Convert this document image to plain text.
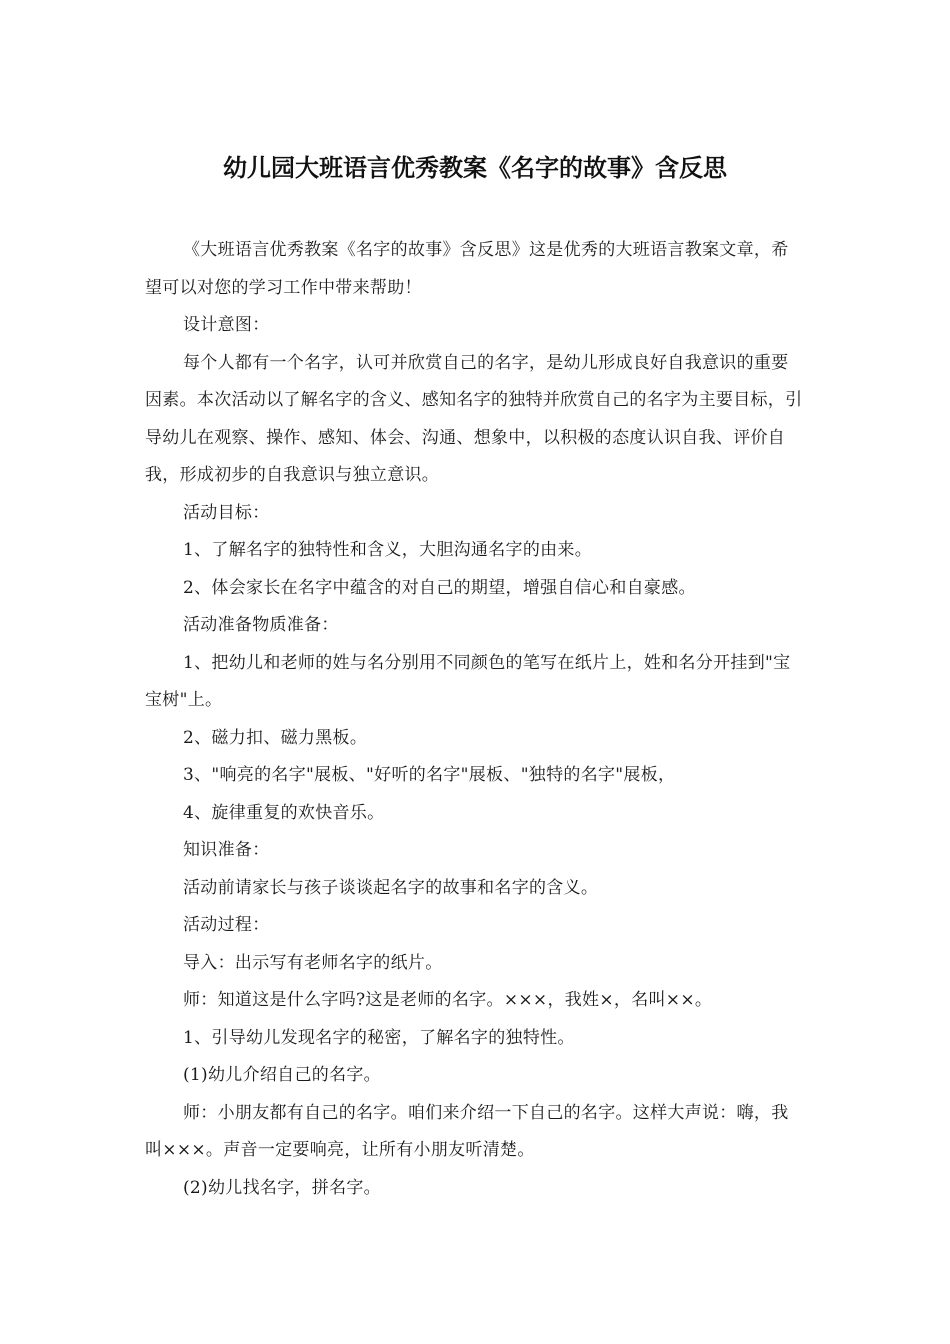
幼儿园大班语言优秀教案《名字的故事》含反思

《大班语言优秀教案《名字的故事》含反思》这是优秀的大班语言教案文章，希望可以对您的学习工作中带来帮助！

设计意图：

每个人都有一个名字，认可并欣赏自己的名字，是幼儿形成良好自我意识的重要因素。本次活动以了解名字的含义、感知名字的独特并欣赏自己的名字为主要目标，引导幼儿在观察、操作、感知、体会、沟通、想象中，以积极的态度认识自我、评价自我，形成初步的自我意识与独立意识。

活动目标：

1、了解名字的独特性和含义，大胆沟通名字的由来。

2、体会家长在名字中蕴含的对自己的期望，增强自信心和自豪感。

活动准备物质准备：

1、把幼儿和老师的姓与名分别用不同颜色的笔写在纸片上，姓和名分开挂到"宝宝树"上。

2、磁力扣、磁力黑板。

3、"响亮的名字"展板、"好听的名字"展板、"独特的名字"展板，

4、旋律重复的欢快音乐。

知识准备：

活动前请家长与孩子谈谈起名字的故事和名字的含义。

活动过程：

导入：出示写有老师名字的纸片。

师：知道这是什么字吗?这是老师的名字。×××，我姓×，名叫××。

1、引导幼儿发现名字的秘密，了解名字的独特性。

(1)幼儿介绍自己的名字。

师：小朋友都有自己的名字。咱们来介绍一下自己的名字。这样大声说：嗨，我叫×××。声音一定要响亮，让所有小朋友听清楚。

(2)幼儿找名字，拼名字。
